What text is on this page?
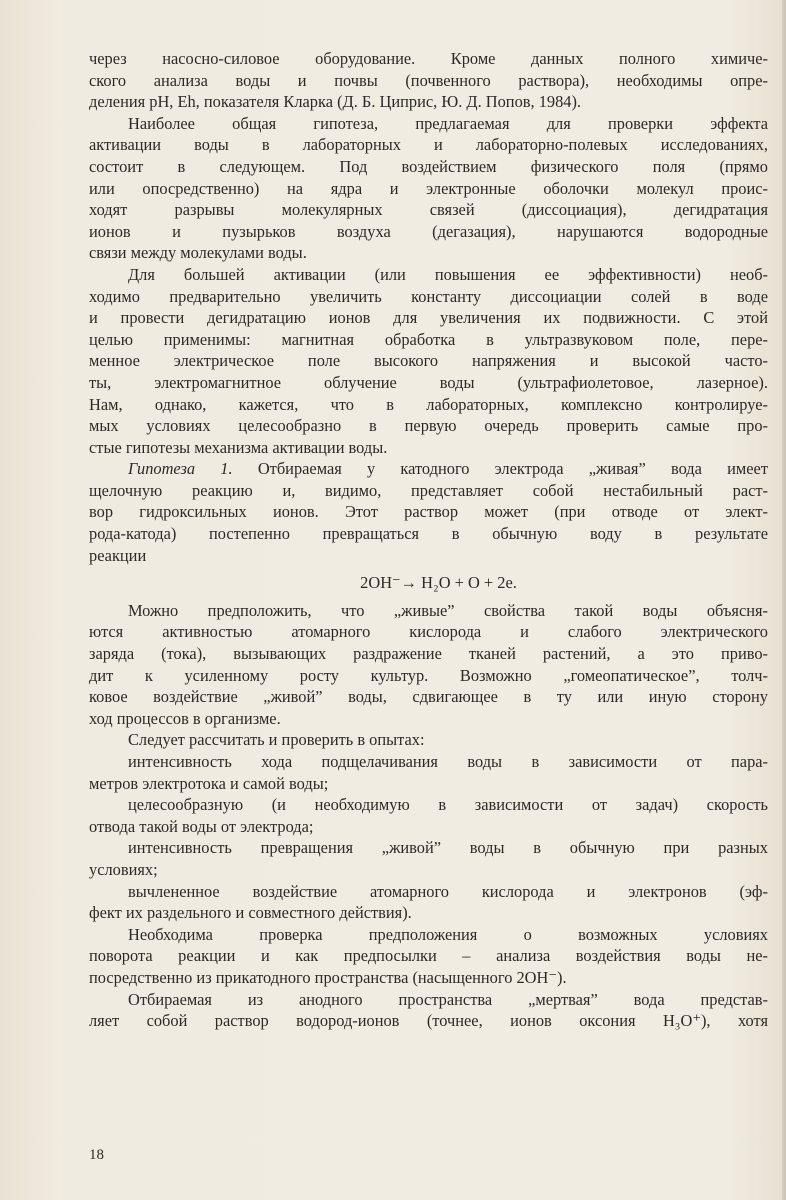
через насосно-силовое оборудование. Кроме данных полного химиче-
ского анализа воды и почвы (почвенного раствора), необходимы опре-
деления pH, Eh, показателя Кларка (Д. Б. Циприс, Ю. Д. Попов, 1984).
Наиболее общая гипотеза, предлагаемая для проверки эффекта
активации воды в лабораторных и лабораторно-полевых исследованиях,
состоит в следующем. Под воздействием физического поля (прямо
или опосредственно) на ядра и электронные оболочки молекул проис-
ходят разрывы молекулярных связей (диссоциация), дегидратация
ионов и пузырьков воздуха (дегазация), нарушаются водородные
связи между молекулами воды.
Для большей активации (или повышения ее эффективности) необ-
ходимо предварительно увеличить константу диссоциации солей в воде
и провести дегидратацию ионов для увеличения их подвижности. С этой
целью применимы: магнитная обработка в ультразвуковом поле, пере-
менное электрическое поле высокого напряжения и высокой часто-
ты, электромагнитное облучение воды (ультрафиолетовое, лазерное).
Нам, однако, кажется, что в лабораторных, комплексно контролируе-
мых условиях целесообразно в первую очередь проверить самые про-
стые гипотезы механизма активации воды.
Гипотеза 1. Отбираемая у катодного электрода „живая” вода имеет
щелочную реакцию и, видимо, представляет собой нестабильный раст-
вор гидроксильных ионов. Этот раствор может (при отводе от элект-
рода-катода) постепенно превращаться в обычную воду в результате
реакции
2OH⁻→ H₂O + O + 2e.
Можно предположить, что „живые” свойства такой воды объясня-
ются активностью атомарного кислорода и слабого электрического
заряда (тока), вызывающих раздражение тканей растений, а это приво-
дит к усиленному росту культур. Возможно „гомеопатическое”, толч-
ковое воздействие „живой” воды, сдвигающее в ту или иную сторону
ход процессов в организме.
Следует рассчитать и проверить в опытах:
интенсивность хода подщелачивания воды в зависимости от пара-
метров электротока и самой воды;
целесообразную (и необходимую в зависимости от задач) скорость
отвода такой воды от электрода;
интенсивность превращения „живой” воды в обычную при разных
условиях;
вычлененное воздействие атомарного кислорода и электронов (эф-
фект их раздельного и совместного действия).
Необходима проверка предположения о возможных условиях
поворота реакции и как предпосылки – анализа воздействия воды не-
посредственно из прикатодного пространства (насыщенного 2OH⁻).
Отбираемая из анодного пространства „мертвая” вода представ-
ляет собой раствор водород-ионов (точнее, ионов оксония H₃O⁺), хотя
18
